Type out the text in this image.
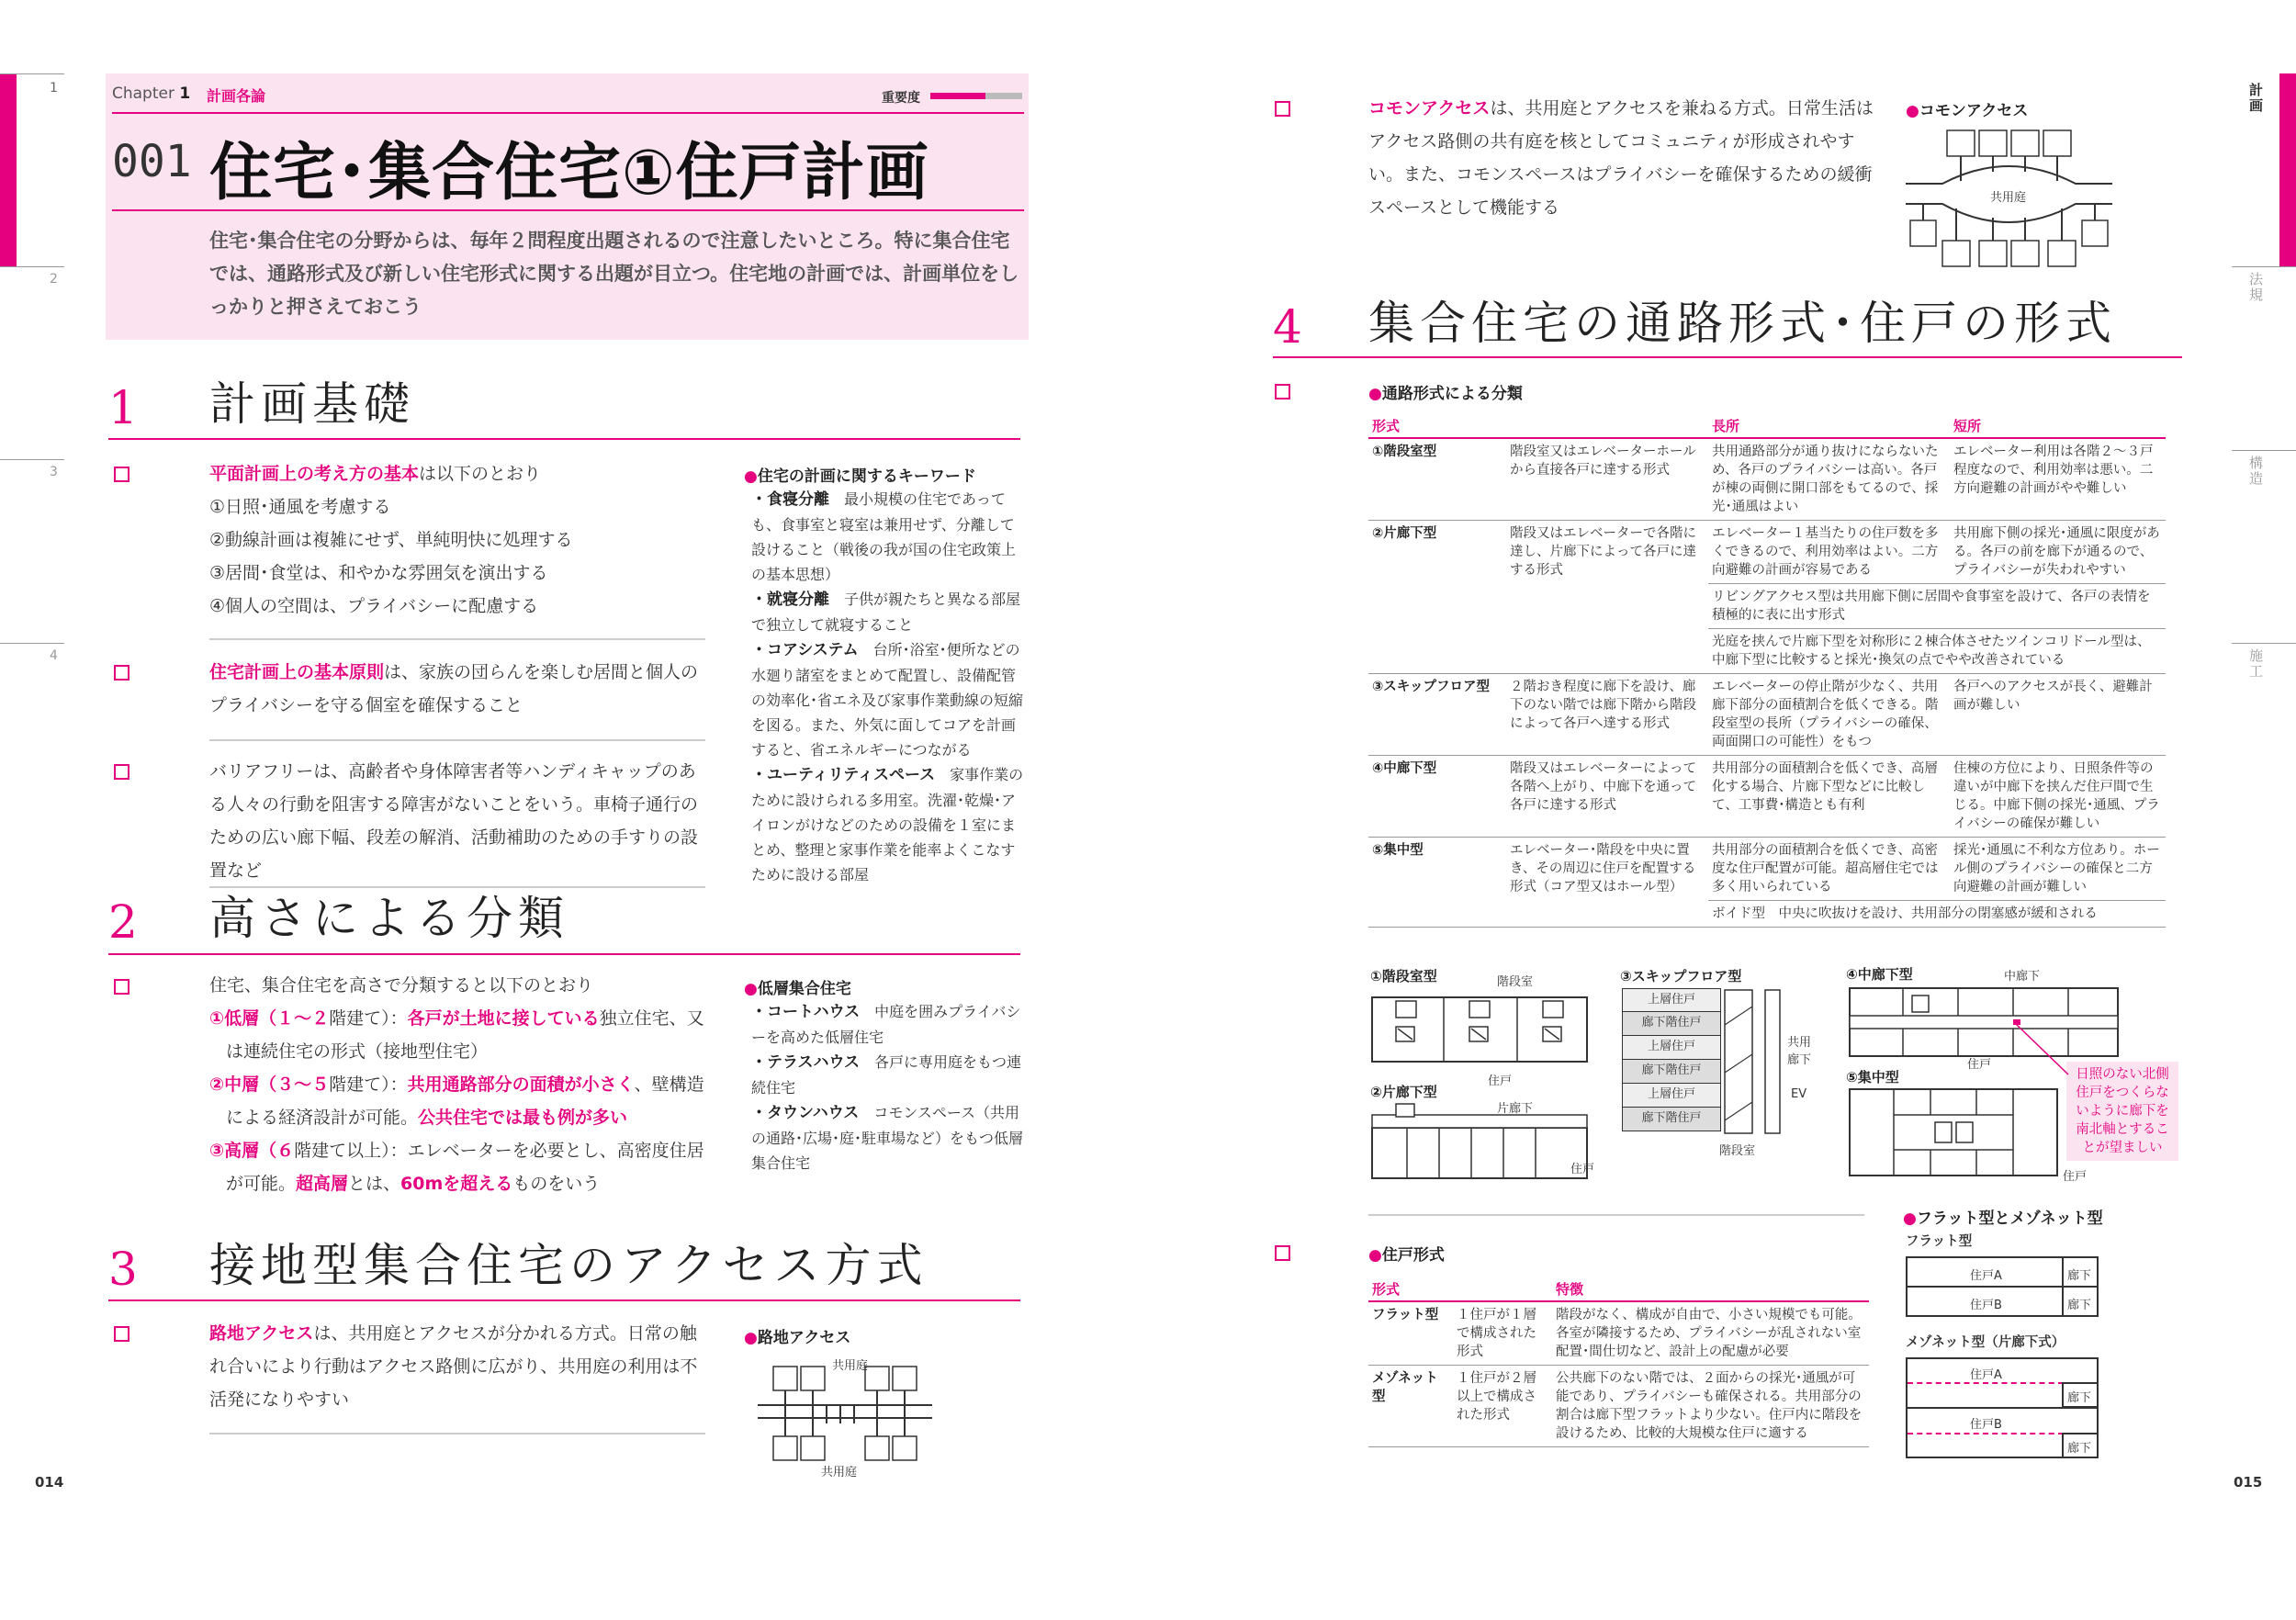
1
2
3
4
014
Chapter 1 計画各論	重要度
001 住宅･集合住宅①住戸計画
住宅･集合住宅の分野からは、毎年２問程度出題されるので注意したいところ。特に集合住宅では、通路形式及び新しい住宅形式に関する出題が目立つ。住宅地の計画では、計画単位をしっかりと押さえておこう
1 計画基礎
平面計画上の考え方の基本は以下のとおり
①日照･通風を考慮する
②動線計画は複雑にせず、単純明快に処理する
③居間･食堂は、和やかな雰囲気を演出する
④個人の空間は、プライバシーに配慮する
住宅計画上の基本原則は、家族の団らんを楽しむ居間と個人のプライバシーを守る個室を確保すること
バリアフリーは、高齢者や身体障害者等ハンディキャップのある人々の行動を阻害する障害がないことをいう。車椅子通行のための広い廊下幅、段差の解消、活動補助のための手すりの設置など
●住宅の計画に関するキーワード
・食寝分離　 最小規模の住宅であっても、食事室と寝室は兼用せず、分離して設けること（戦後の我が国の住宅政策上の基本思想）
・就寝分離　 子供が親たちと異なる部屋で独立して就寝すること
・コアシステム　 台所･浴室･便所などの水廻り諸室をまとめて配置し、設備配管の効率化･省エネ及び家事作業動線の短縮を図る。また、外気に面してコアを計画すると、省エネルギーにつながる
・ユーティリティスペース　 家事作業のために設けられる多用室。洗濯･乾燥･アイロンがけなどのための設備を１室にまとめ、整理と家事作業を能率よくこなすために設ける部屋
2 高さによる分類
住宅、集合住宅を高さで分類すると以下のとおり
①低層（１～２階建て）：各戸が土地に接している独立住宅、又は連続住宅の形式（接地型住宅）
②中層（３～５階建て）：共用通路部分の面積が小さく、壁構造による経済設計が可能。公共住宅では最も例が多い
③高層（６階建て以上）：エレベーターを必要とし、高密度住居が可能。超高層とは、60mを超えるものをいう
●低層集合住宅
・コートハウス　 中庭を囲みプライバシーを高めた低層住宅
・テラスハウス　 各戸に専用庭をもつ連続住宅
・タウンハウス　 コモンスペース（共用の通路･広場･庭･駐車場など）をもつ低層集合住宅
3 接地型集合住宅のアクセス方式
路地アクセスは、共用庭とアクセスが分かれる方式。日常の触れ合いにより行動はアクセス路側に広がり、共用庭の利用は不活発になりやすい
●路地アクセス
共用庭
共用庭
計画
法規
構造
施工
015
コモンアクセスは、共用庭とアクセスを兼ねる方式。日常生活はアクセス路側の共有庭を核としてコミュニティが形成されやすい。また、コモンスペースはプライバシーを確保するための緩衝スペースとして機能する
●コモンアクセス
共用庭
4 集合住宅の通路形式･住戸の形式
●通路形式による分類
形式		長所	短所
①階段室型	階段室又はエレベーターホールから直接各戸に達する形式	共用通路部分が通り抜けにならないため、各戸のプライバシーは高い。各戸が棟の両側に開口部をもてるので、採光･通風はよい	エレベーター利用は各階２～３戸程度なので、利用効率は悪い。二方向避難の計画がやや難しい
②片廊下型	階段又はエレベーターで各階に達し、片廊下によって各戸に達する形式	エレベーター１基当たりの住戸数を多くできるので、利用効率はよい。二方向避難の計画が容易である	共用廊下側の採光･通風に限度がある。各戸の前を廊下が通るので、プライバシーが失われやすい
		リビングアクセス型は共用廊下側に居間や食事室を設けて、各戸の表情を積極的に表に出す形式	
		光庭を挟んで片廊下型を対称形に２棟合体させたツインコリドール型は、中廊下型に比較すると採光･換気の点でやや改善されている	
③スキップフロア型	２階おき程度に廊下を設け、廊下のない階では廊下階から階段によって各戸へ達する形式	エレベーターの停止階が少なく、共用廊下部分の面積割合を低くできる。階段室型の長所（プライバシーの確保、両面開口の可能性）をもつ	各戸へのアクセスが長く、避難計画が難しい
④中廊下型	階段又はエレベーターによって各階へ上がり、中廊下を通って各戸に達する形式	共用部分の面積割合を低くでき、高層化する場合、片廊下型などに比較して、工事費･構造とも有利	住棟の方位により、日照条件等の違いが中廊下を挟んだ住戸間で生じる。中廊下側の採光･通風、プライバシーの確保が難しい
⑤集中型	エレベーター･階段を中央に置き、その周辺に住戸を配置する形式（コア型又はホール型）	共用部分の面積割合を低くでき、高密度な住戸配置が可能。超高層住宅では多く用いられている	採光･通風に不利な方位あり。ホール側のプライバシーの確保と二方向避難の計画が難しい
		ボイド型　中央に吹抜けを設け、共用部分の閉塞感が緩和される	
①階段室型	階段室
住戸
②片廊下型
片廊下
住戸
③スキップフロア型
上層住戸
廊下階住戸
上層住戸
廊下階住戸
上層住戸
廊下階住戸
共用廊下
EV
階段室
④中廊下型	中廊下
住戸
⑤集中型
住戸
日照のない北側住戸をつくらないように廊下を南北軸とすることが望ましい
●住戸形式
形式		特徴
フラット型	１住戸が１層で構成された形式	階段がなく、構成が自由で、小さい規模でも可能。各室が隣接するため、プライバシーが乱されない室配置･間仕切など、設計上の配慮が必要
メゾネット型	１住戸が２層以上で構成された形式	公共廊下のない階では、２面からの採光･通風が可能であり、プライバシーも確保される。共用部分の割合は廊下型フラットより少ない。住戸内に階段を設けるため、比較的大規模な住戸に適する
●フラット型とメゾネット型
フラット型
住戸A
住戸B
廊下
廊下
メゾネット型（片廊下式）
住戸A
住戸B
廊下
廊下
